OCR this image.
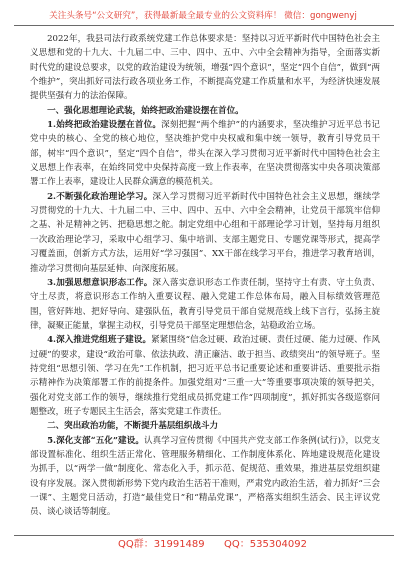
关注头条号“公文研究”，获得最新最全最专业的公文资料库！ 微信：gongwenyj

2022年，我县司法行政系统党建工作总体要求是：坚持以习近平新时代中国特色社会主义思想和党的十九大、十九届二中、三中、四中、五中、六中全会精神为指导，全面落实新时代党的建设总要求，以党的政治建设为统领，增强“四个意识”，坚定“四个自信”，做到“两个维护”，突出抓好司法行政各项业务工作，不断提高党建工作质量和水平，为经济快速发展提供坚强有力的法治保障。

一、强化思想理论武装，始终把政治建设摆在首位。

1.始终把政治建设摆在首位。深刻把握“两个维护”的内涵要求，坚决维护习近平总书记党中央的核心、全党的核心地位，坚决维护党中央权威和集中统一领导，教育引导党员干部，树牢“四个意识”，坚定“四个自信”，带头在深入学习贯彻习近平新时代中国特色社会主义思想上作表率，在始终同党中央保持高度一致上作表率，在坚决贯彻落实中央各项决策部署工作上表率，建设让人民群众满意的模范机关。

2.不断强化政治理论学习。深入学习贯彻习近平新时代中国特色社会主义思想，继续学习贯彻党的十九大、十九届二中、三中、四中、五中、六中全会精神，让党员干部筑牢信仰之基、补足精神之钙、把稳思想之舵。制定党组中心组和干部理论学习计划，坚持每月组织一次政治理论学习，采取中心组学习、集中培训、支部主题党日、专题党课等形式，提高学习覆盖面，创新方式方法，运用好“学习强国”、XX干部在线学习平台，推进学习教育培训，推动学习贯彻向基层延伸、向深度拓展。

3.加强思想意识形态工作。深入落实意识形态工作责任制，坚持守土有责、守土负责、守土尽责，将意识形态工作纳入重要议程、融入党建工作总体布局，融入目标绩效管理范围，管好阵地、把好导向、建强队伍，教育引导党员干部自觉规范线上线下言行，弘扬主旋律，凝聚正能量，掌握主动权，引导党员干部坚定理想信念，站稳政治立场。

4.深入推进党组班子建设。紧紧围绕“信念过硬、政治过硬、责任过硬、能力过硬、作风过硬”的要求，建设“政治可靠、依法执政、清正廉洁、敢于担当、政绩突出”的领导班子。坚持党组“思想引领、学习在先”工作机制，把习近平总书记重要论述和重要讲话、重要批示指示精神作为决策部署工作的前提条件。加强党组对“三重一大”等重要事项决策的领导把关，强化对党支部工作的领导，继续推行党组成员抓党建工作“四项制度”，抓好抓实各级巡察问题整改，班子专题民主生活会，落实党建工作责任。

二、突出政治功能，不断提升基层组织战斗力

5.深化支部“五化”建设。认真学习宣传贯彻《中国共产党支部工作条例(试行)》，以党支部设置标准化、组织生活正常化、管理服务精细化、工作制度体系化、阵地建设规范化建设为抓手，以“两学一做”制度化、常态化入手，抓示范、促规范、重效果，推进基层党组织建设有序发展。深入贯彻新形势下党内政治生活若干准则，严肃党内政治生活，着力抓好“三会一课”、主题党日活动，打造“最佳党日”和“精品党课”，严格落实组织生活会、民主评议党员、谈心谈话等制度。

QQ群：31991489 QQ：535304092
